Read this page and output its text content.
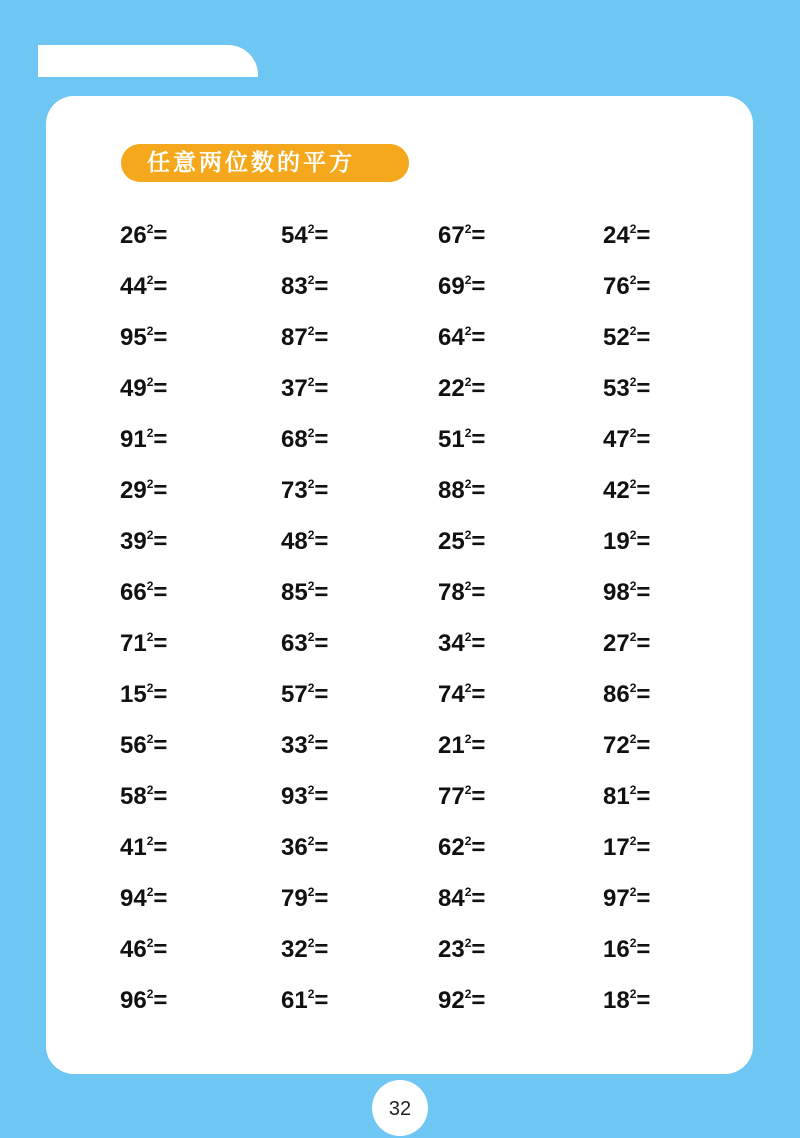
任意两位数的平方
$26^2=$	$54^2=$	$67^2=$	$24^2=$
$44^2=$	$83^2=$	$69^2=$	$76^2=$
$95^2=$	$87^2=$	$64^2=$	$52^2=$
$49^2=$	$37^2=$	$22^2=$	$53^2=$
$91^2=$	$68^2=$	$51^2=$	$47^2=$
$29^2=$	$73^2=$	$88^2=$	$42^2=$
$39^2=$	$48^2=$	$25^2=$	$19^2=$
$66^2=$	$85^2=$	$78^2=$	$98^2=$
$71^2=$	$63^2=$	$34^2=$	$27^2=$
$15^2=$	$57^2=$	$74^2=$	$86^2=$
$56^2=$	$33^2=$	$21^2=$	$72^2=$
$58^2=$	$93^2=$	$77^2=$	$81^2=$
$41^2=$	$36^2=$	$62^2=$	$17^2=$
$94^2=$	$79^2=$	$84^2=$	$97^2=$
$46^2=$	$32^2=$	$23^2=$	$16^2=$
$96^2=$	$61^2=$	$92^2=$	$18^2=$
32
